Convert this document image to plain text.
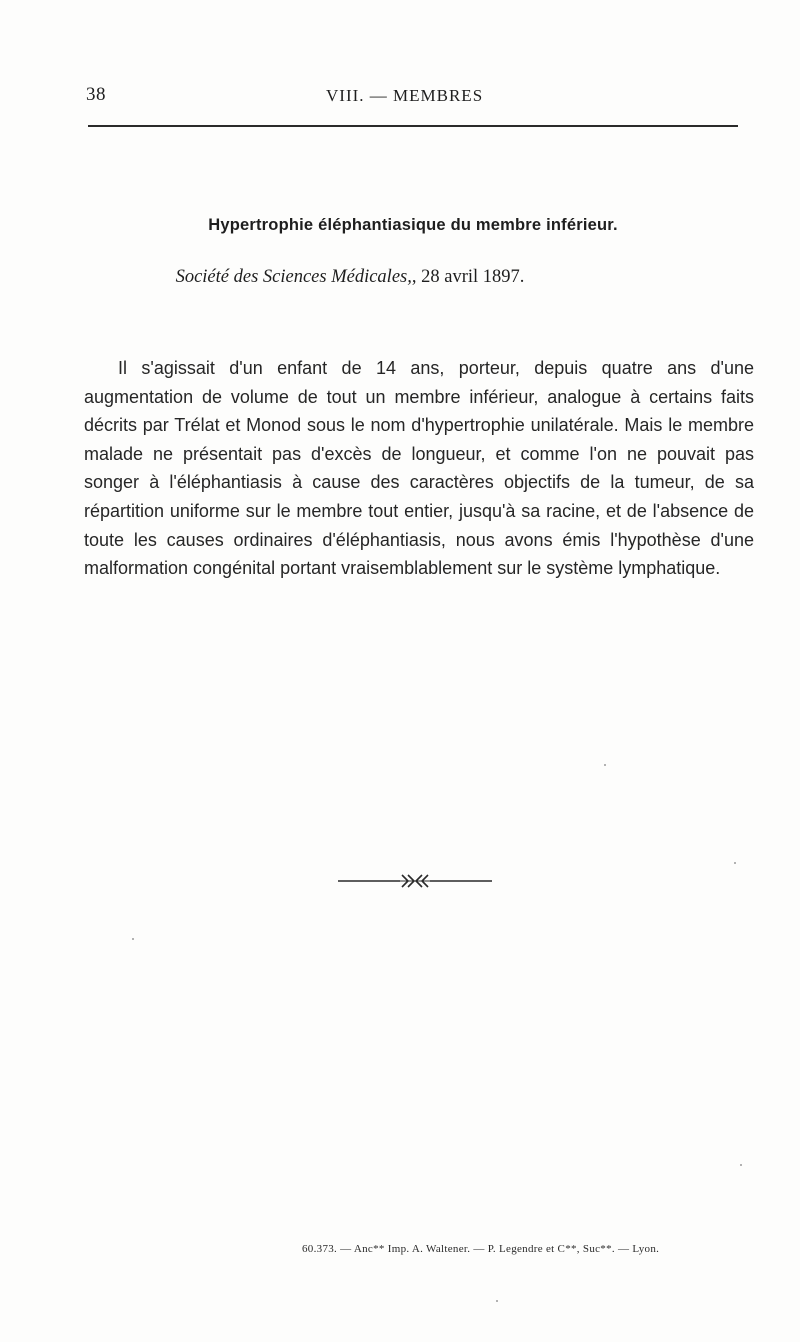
38	VIII. — MEMBRES
Hypertrophie éléphantiasique du membre inférieur.
Société des Sciences Médicales,, 28 avril 1897.

Il s'agissait d'un enfant de 14 ans, porteur, depuis quatre ans d'une augmentation de volume de tout un membre inférieur, analogue à certains faits décrits par Trélat et Monod sous le nom d'hypertrophie unilatérale. Mais le membre malade ne présentait pas d'excès de longueur, et comme l'on ne pouvait pas songer à l'éléphantiasis à cause des caractères objectifs de la tumeur, de sa répartition uniforme sur le membre tout entier, jusqu'à sa racine, et de l'absence de toute les causes ordinaires d'éléphantiasis, nous avons émis l'hypothèse d'une malformation congénital portant vraisemblablement sur le système lymphatique.

60.373. — Anc** Imp. A. Waltener. — P. Legendre et C**, Suc**. — Lyon.
